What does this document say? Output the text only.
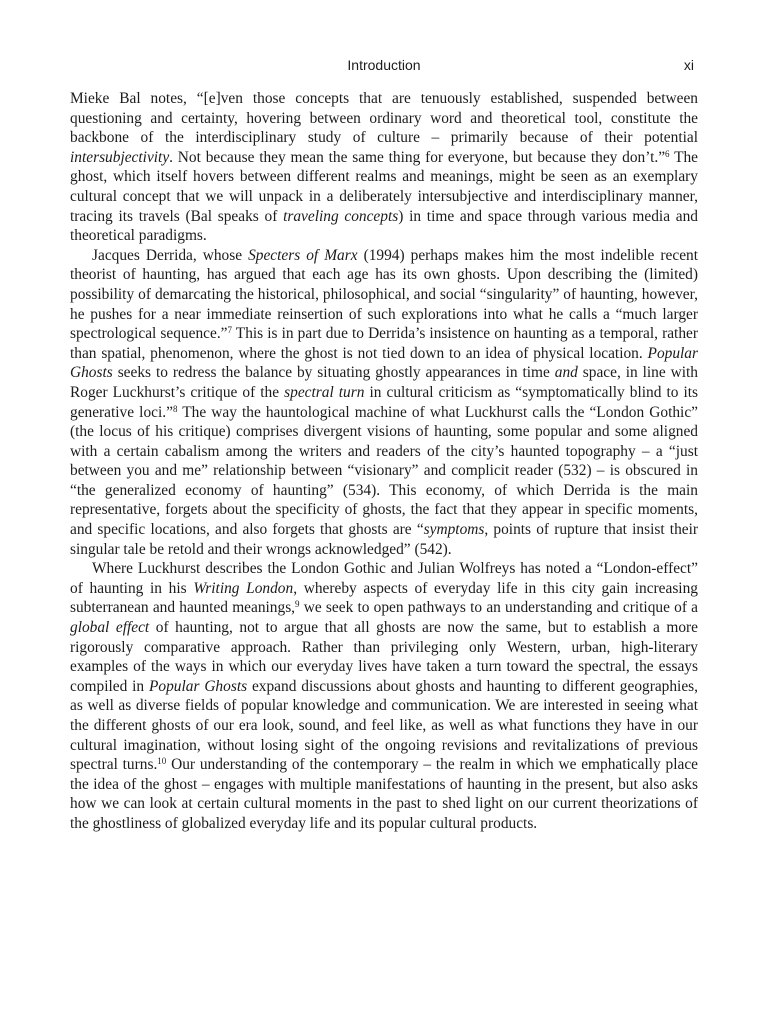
Introduction	xi

Mieke Bal notes, “[e]ven those concepts that are tenuously established, suspended between questioning and certainty, hovering between ordinary word and theoretical tool, constitute the backbone of the interdisciplinary study of culture – primarily because of their potential intersubjectivity. Not because they mean the same thing for everyone, but because they don’t.”$^6$ The ghost, which itself hovers between different realms and meanings, might be seen as an exemplary cultural concept that we will unpack in a deliberately intersubjective and interdisciplinary manner, tracing its travels (Bal speaks of traveling concepts) in time and space through various media and theoretical paradigms.

Jacques Derrida, whose Specters of Marx (1994) perhaps makes him the most indelible recent theorist of haunting, has argued that each age has its own ghosts. Upon describing the (limited) possibility of demarcating the historical, philosophical, and social “singularity” of haunting, however, he pushes for a near immediate reinsertion of such explorations into what he calls a “much larger spectrological sequence.”$^7$ This is in part due to Derrida’s insistence on haunting as a temporal, rather than spatial, phenomenon, where the ghost is not tied down to an idea of physical location. Popular Ghosts seeks to redress the balance by situating ghostly appearances in time and space, in line with Roger Luckhurst’s critique of the spectral turn in cultural criticism as “symptomatically blind to its generative loci.”$^8$ The way the hauntological machine of what Luckhurst calls the “London Gothic” (the locus of his critique) comprises divergent visions of haunting, some popular and some aligned with a certain cabalism among the writers and readers of the city’s haunted topography – a “just between you and me” relationship between “visionary” and complicit reader (532) – is obscured in “the generalized economy of haunting” (534). This economy, of which Derrida is the main representative, forgets about the specificity of ghosts, the fact that they appear in specific moments, and specific locations, and also forgets that ghosts are “symptoms, points of rupture that insist their singular tale be retold and their wrongs acknowledged” (542).

Where Luckhurst describes the London Gothic and Julian Wolfreys has noted a “London-effect” of haunting in his Writing London, whereby aspects of everyday life in this city gain increasing subterranean and haunted meanings,$^9$ we seek to open pathways to an understanding and critique of a global effect of haunting, not to argue that all ghosts are now the same, but to establish a more rigorously comparative approach. Rather than privileging only Western, urban, high-literary examples of the ways in which our everyday lives have taken a turn toward the spectral, the essays compiled in Popular Ghosts expand discussions about ghosts and haunting to different geographies, as well as diverse fields of popular knowledge and communication. We are interested in seeing what the different ghosts of our era look, sound, and feel like, as well as what functions they have in our cultural imagination, without losing sight of the ongoing revisions and revitalizations of previous spectral turns.$^{10}$ Our understanding of the contemporary – the realm in which we emphatically place the idea of the ghost – engages with multiple manifestations of haunting in the present, but also asks how we can look at certain cultural moments in the past to shed light on our current theorizations of the ghostliness of globalized everyday life and its popular cultural products.
